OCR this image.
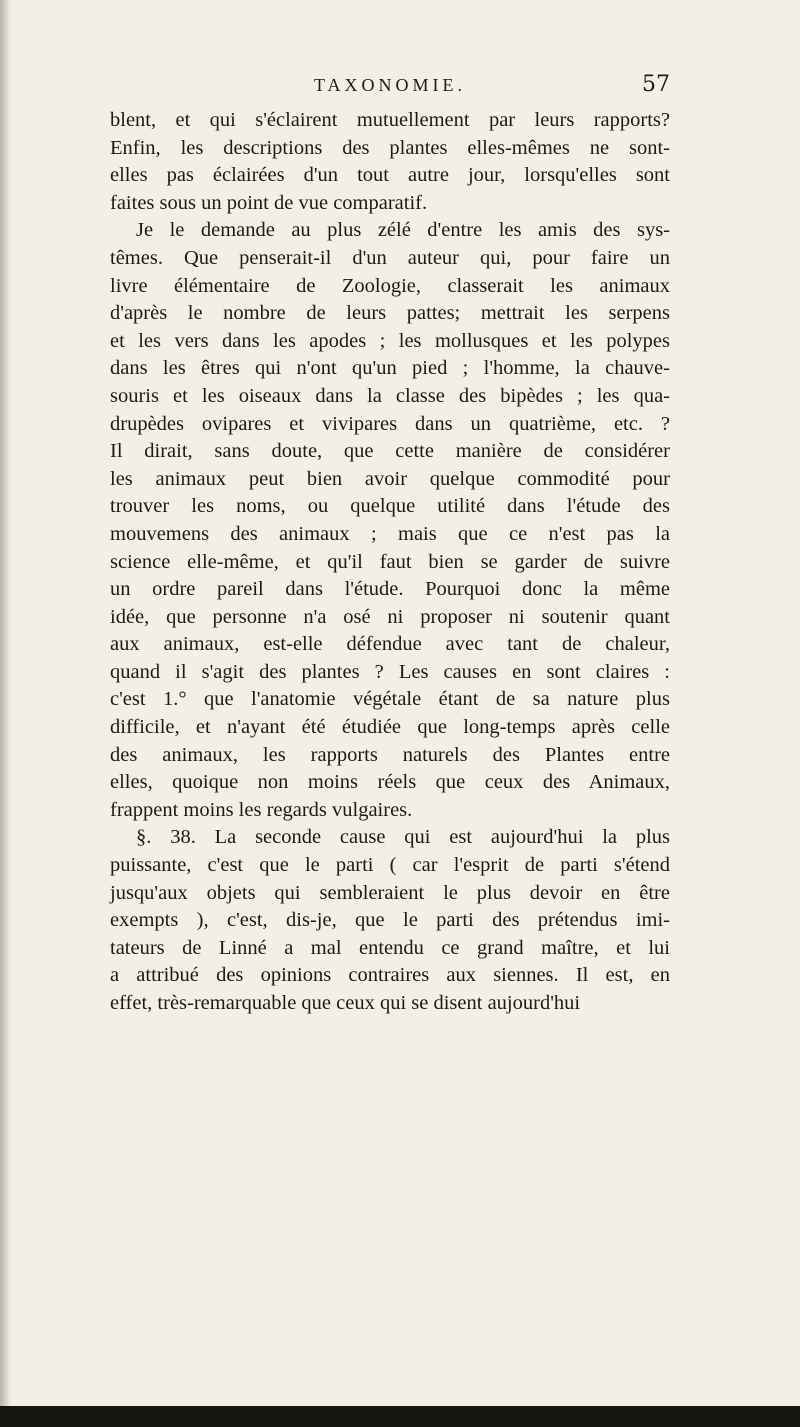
TAXONOMIE.	57
blent, et qui s'éclairent mutuellement par leurs rapports?
Enfin, les descriptions des plantes elles-mêmes ne sont-
elles pas éclairées d'un tout autre jour, lorsqu'elles sont
faites sous un point de vue comparatif.
Je le demande au plus zélé d'entre les amis des sys-
têmes. Que penserait-il d'un auteur qui, pour faire un
livre élémentaire de Zoologie, classerait les animaux
d'après le nombre de leurs pattes; mettrait les serpens
et les vers dans les apodes ; les mollusques et les polypes
dans les êtres qui n'ont qu'un pied ; l'homme, la chauve-
souris et les oiseaux dans la classe des bipèdes ; les qua-
drupèdes ovipares et vivipares dans un quatrième, etc. ?
Il dirait, sans doute, que cette manière de considérer
les animaux peut bien avoir quelque commodité pour
trouver les noms, ou quelque utilité dans l'étude des
mouvemens des animaux ; mais que ce n'est pas la
science elle-même, et qu'il faut bien se garder de suivre
un ordre pareil dans l'étude. Pourquoi donc la même
idée, que personne n'a osé ni proposer ni soutenir quant
aux animaux, est-elle défendue avec tant de chaleur,
quand il s'agit des plantes ? Les causes en sont claires :
c'est 1.° que l'anatomie végétale étant de sa nature plus
difficile, et n'ayant été étudiée que long-temps après celle
des animaux, les rapports naturels des Plantes entre
elles, quoique non moins réels que ceux des Animaux,
frappent moins les regards vulgaires.
§. 38. La seconde cause qui est aujourd'hui la plus
puissante, c'est que le parti ( car l'esprit de parti s'étend
jusqu'aux objets qui sembleraient le plus devoir en être
exempts ), c'est, dis-je, que le parti des prétendus imi-
tateurs de Linné a mal entendu ce grand maître, et lui
a attribué des opinions contraires aux siennes. Il est, en
effet, très-remarquable que ceux qui se disent aujourd'hui
